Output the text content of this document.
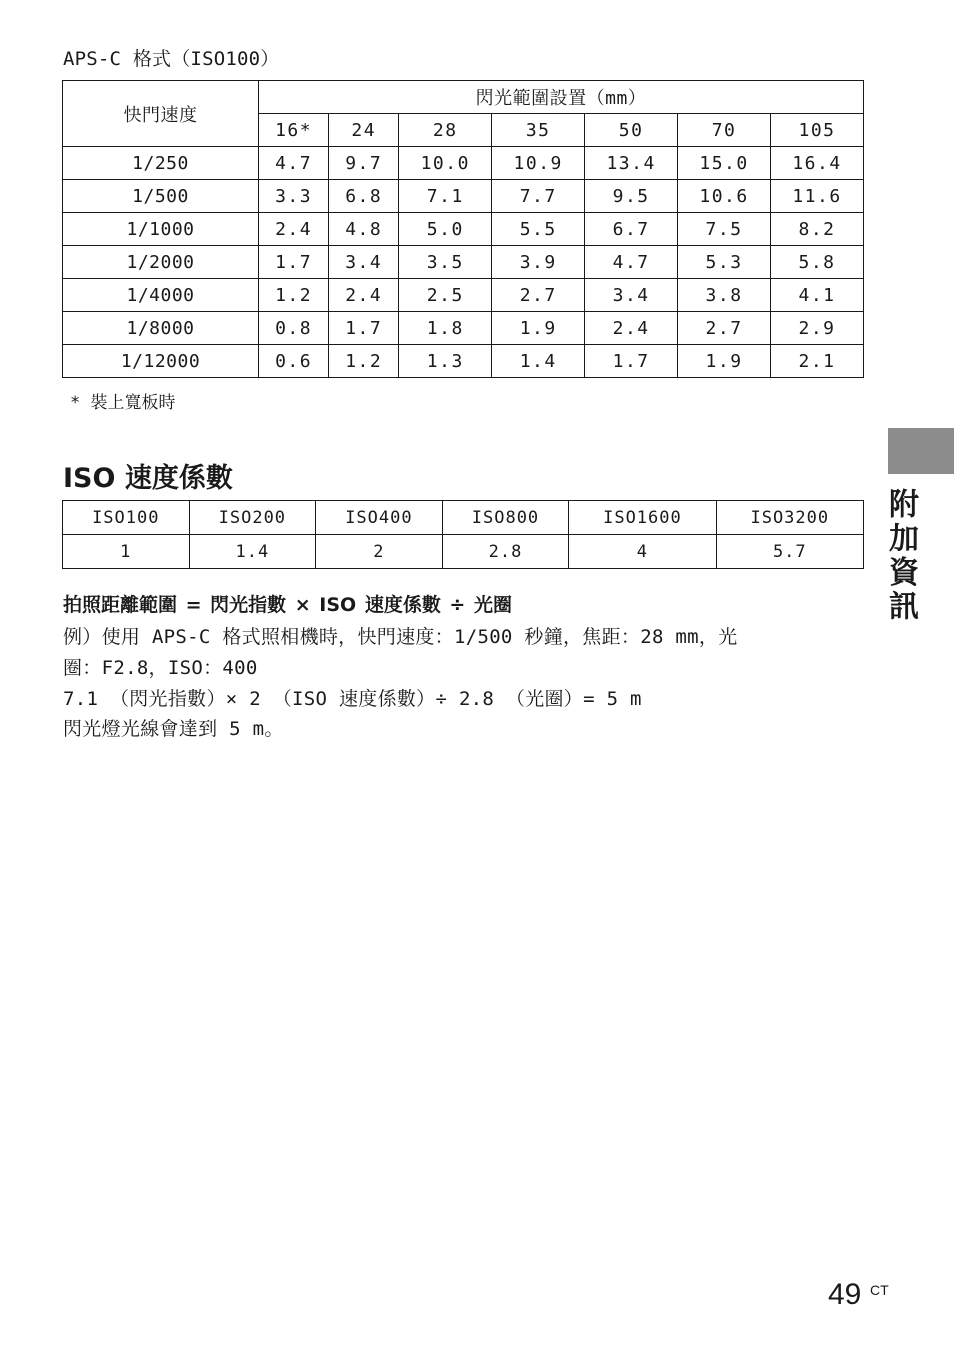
APS-C 格式（ISO100）
快門速度	閃光範圍設置（mm）						
	16*	24	28	35	50	70	105
1/250	4.7	9.7	10.0	10.9	13.4	15.0	16.4
1/500	3.3	6.8	7.1	7.7	9.5	10.6	11.6
1/1000	2.4	4.8	5.0	5.5	6.7	7.5	8.2
1/2000	1.7	3.4	3.5	3.9	4.7	5.3	5.8
1/4000	1.2	2.4	2.5	2.7	3.4	3.8	4.1
1/8000	0.8	1.7	1.8	1.9	2.4	2.7	2.9
1/12000	0.6	1.2	1.3	1.4	1.7	1.9	2.1
* 裝上寬板時
ISO 速度係數
ISO100	ISO200	ISO400	ISO800	ISO1600	ISO3200
1	1.4	2	2.8	4	5.7
拍照距離範圍 = 閃光指數 × ISO 速度係數 ÷ 光圈
例）使用 APS-C 格式照相機時，快門速度：1/500 秒鐘，焦距：28 mm，光
圈：F2.8，ISO：400
7.1 （閃光指數）× 2 （ISO 速度係數）÷ 2.8 （光圈）= 5 m
閃光燈光線會達到 5 m。
附加資訊
49 CT
